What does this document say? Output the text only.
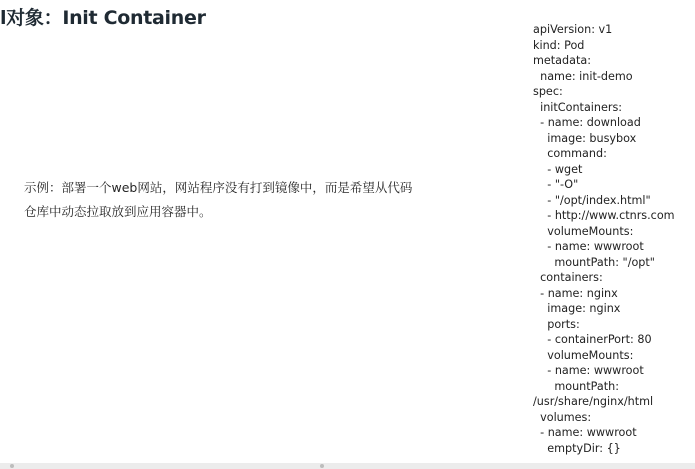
l对象：Init Container

示例：部署一个web网站，网站程序没有打到镜像中，而是希望从代码

仓库中动态拉取放到应用容器中。

apiVersion: v1
kind: Pod
metadata:
name: init-demo
spec:
initContainers:
- name: download
image: busybox
command:
- wget
- "-O"
- "/opt/index.html"
- http://www.ctnrs.com
volumeMounts:
- name: wwwroot
mountPath: "/opt"
containers:
- name: nginx
image: nginx
ports:
- containerPort: 80
volumeMounts:
- name: wwwroot
mountPath:
/usr/share/nginx/html
volumes:
- name: wwwroot
emptyDir: {}
